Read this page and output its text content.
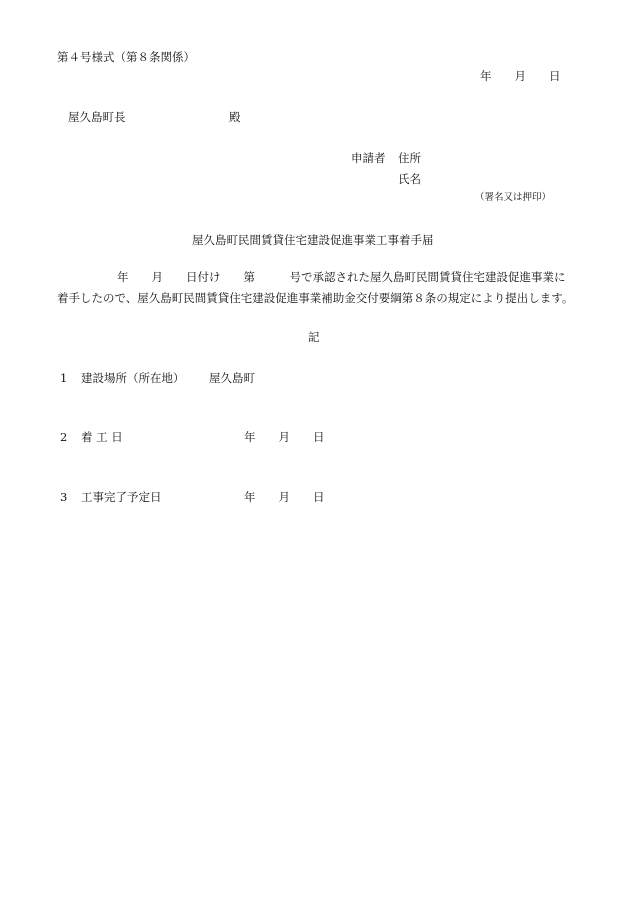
第４号様式（第８条関係）
年　　月　　日
屋久島町長　　　　　　　　　殿
申請者 住所
氏名
（署名又は押印）
屋久島町民間賃貸住宅建設促進事業工事着手届
年　　月　　日付け　　第　　　号で承認された屋久島町民間賃貸住宅建設促進事業に
着手したので、屋久島町民間賃貸住宅建設促進事業補助金交付要綱第８条の規定により提出します。
記
1 建設場所（所在地） 屋久島町
2 着 工 日	年　　月　　日
3 工事完了予定日	年　　月　　日
